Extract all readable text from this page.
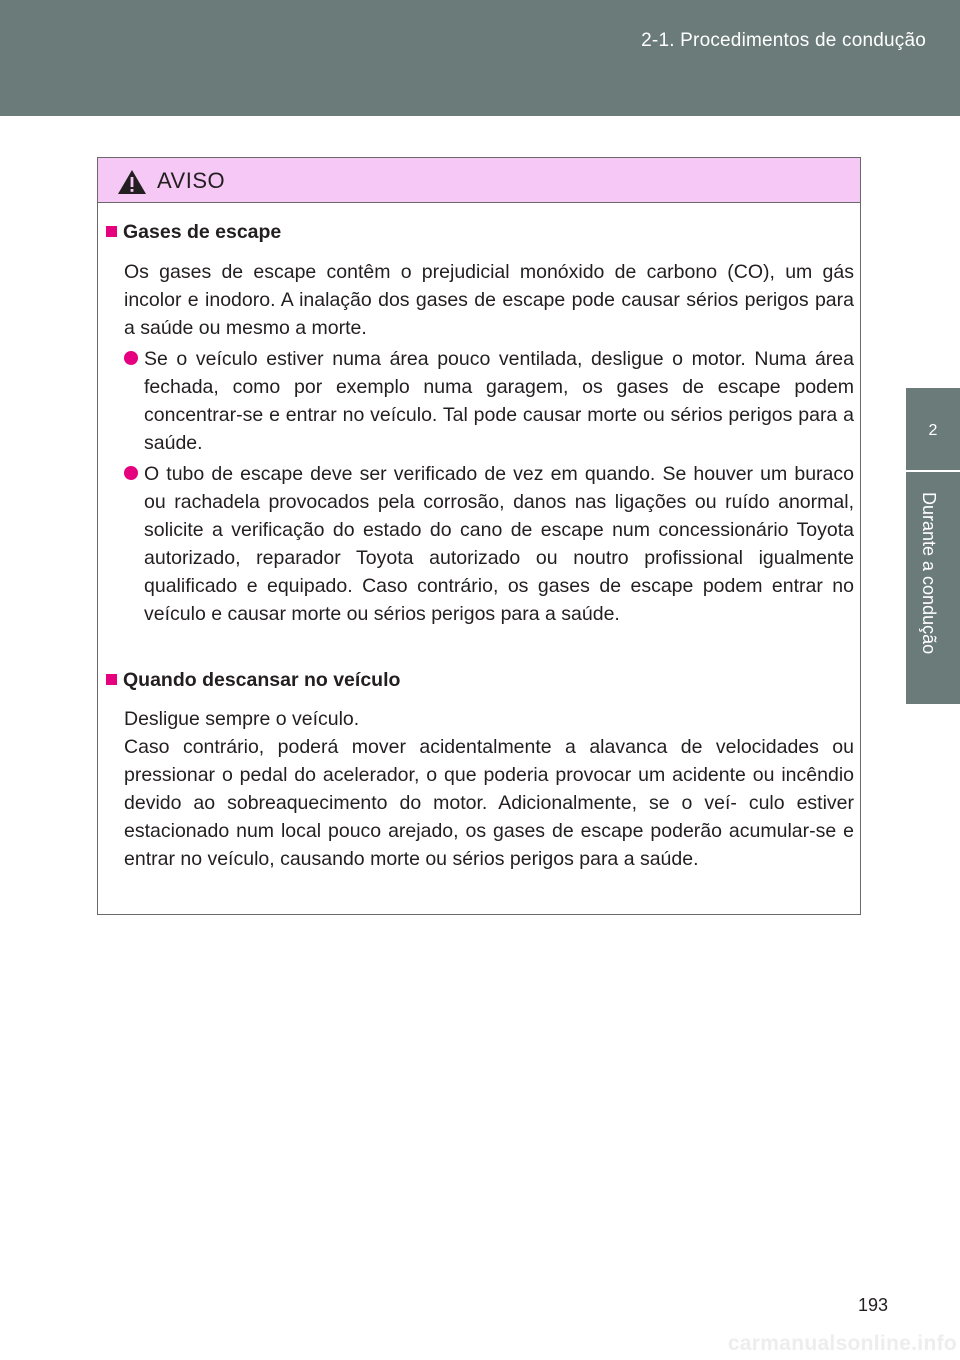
2-1. Procedimentos de condução
2
Durante a condução
AVISO
Gases de escape
Os gases de escape contêm o prejudicial monóxido de carbono (CO), um gás incolor e inodoro. A inalação dos gases de escape pode causar sérios perigos para a saúde ou mesmo a morte.
Se o veículo estiver numa área pouco ventilada, desligue o motor. Numa área fechada, como por exemplo numa garagem, os gases de escape podem concentrar-se e entrar no veículo. Tal pode causar morte ou sérios perigos para a saúde.
O tubo de escape deve ser verificado de vez em quando. Se houver um buraco ou rachadela provocados pela corrosão, danos nas ligações ou ruído anormal, solicite a verificação do estado do cano de escape num concessionário Toyota autorizado, reparador Toyota autorizado ou noutro profissional igualmente qualificado e equipado. Caso contrário, os gases de escape podem entrar no veículo e causar morte ou sérios perigos para a saúde.
Quando descansar no veículo
Desligue sempre o veículo.
Caso contrário, poderá mover acidentalmente a alavanca de velocidades ou pressionar o pedal do acelerador, o que poderia provocar um acidente ou incêndio devido ao sobreaquecimento do motor. Adicionalmente, se o veí- culo estiver estacionado num local pouco arejado, os gases de escape poderão acumular-se e entrar no veículo, causando morte ou sérios perigos para a saúde.
193
carmanualsonline.info
